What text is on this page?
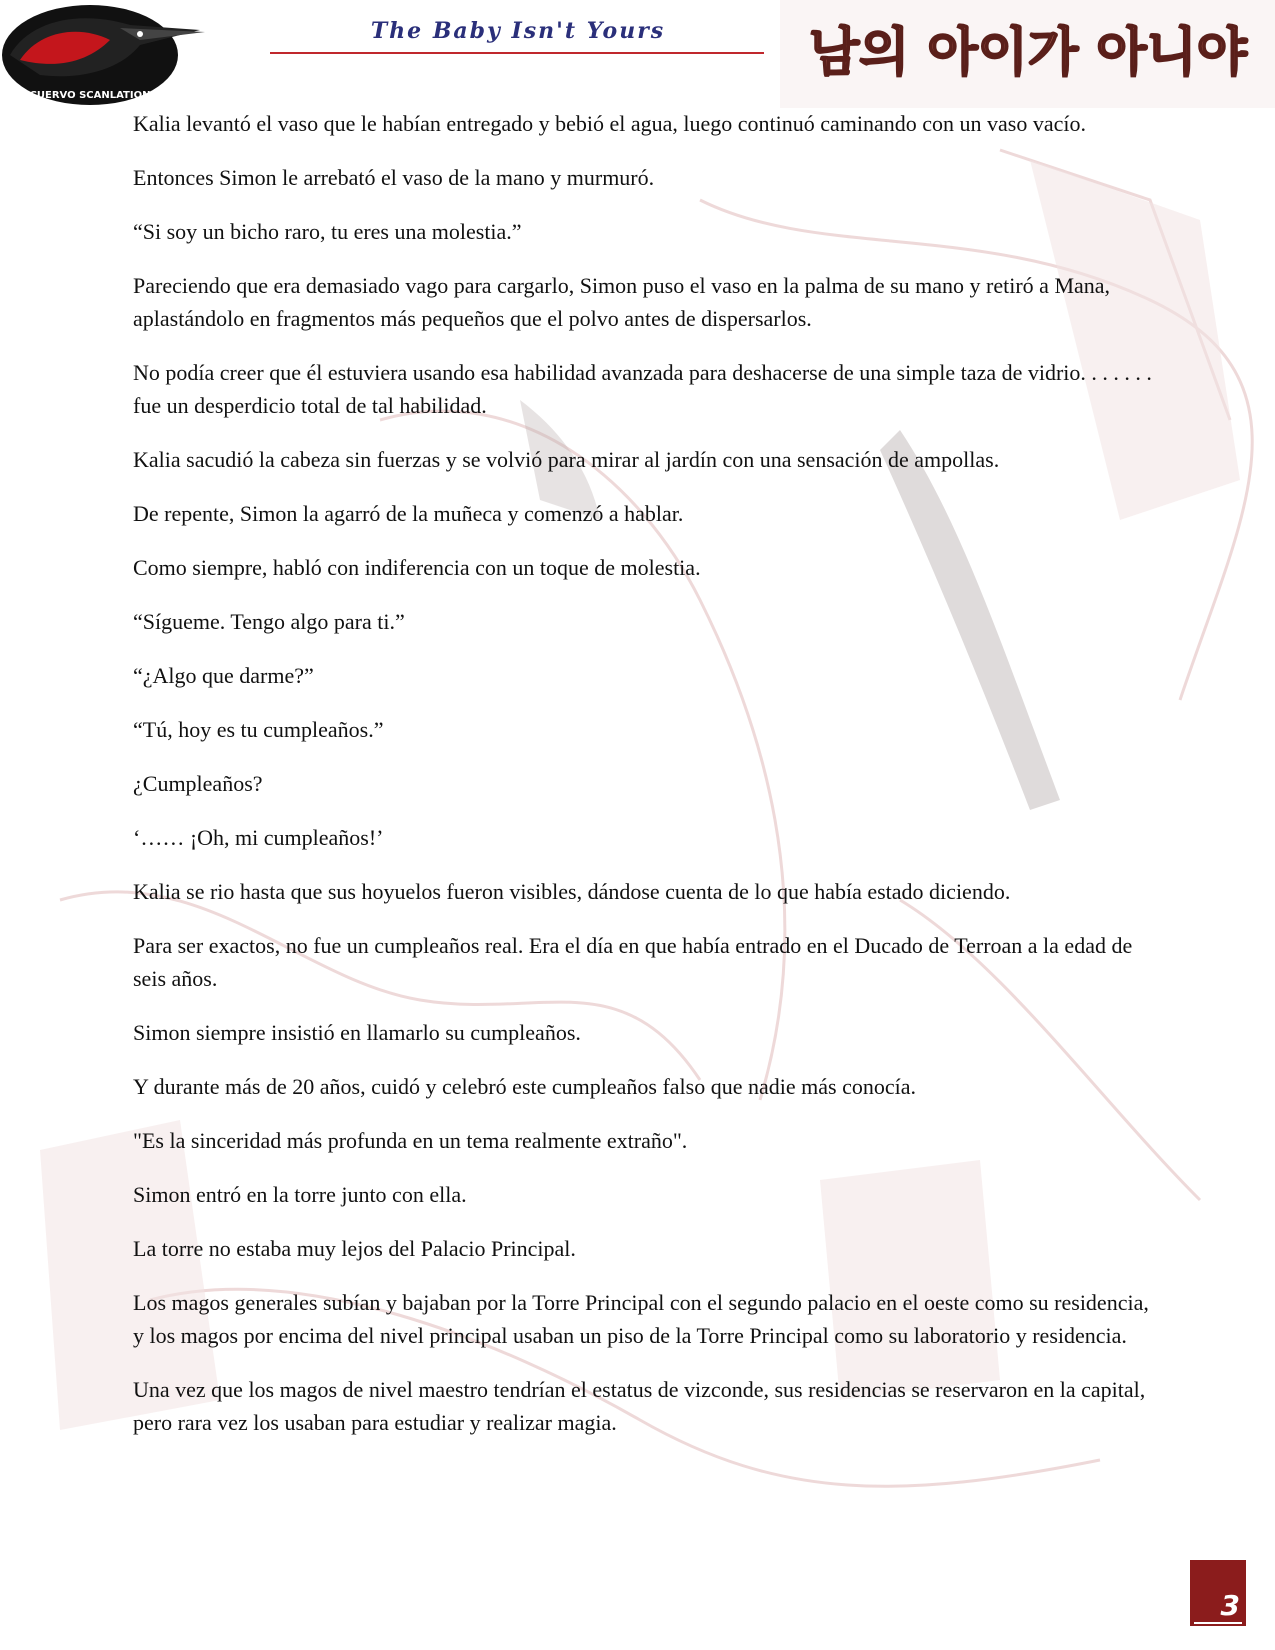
CUERVO SCANLATION
The Baby Isn't Yours	남의 아이가 아니야

Kalia levantó el vaso que le habían entregado y bebió el agua, luego continuó caminando con un vaso vacío.

Entonces Simon le arrebató el vaso de la mano y murmuró.

“Si soy un bicho raro, tu eres una molestia.”

Pareciendo que era demasiado vago para cargarlo, Simon puso el vaso en la palma de su mano y retiró a Mana, aplastándolo en fragmentos más pequeños que el polvo antes de dispersarlos.

No podía creer que él estuviera usando esa habilidad avanzada para deshacerse de una simple taza de vidrio. . . . . . . fue un desperdicio total de tal habilidad.

Kalia sacudió la cabeza sin fuerzas y se volvió para mirar al jardín con una sensación de ampollas.

De repente, Simon la agarró de la muñeca y comenzó a hablar.

Como siempre, habló con indiferencia con un toque de molestia.

“Sígueme. Tengo algo para ti.”

“¿Algo que darme?”

“Tú, hoy es tu cumpleaños.”

¿Cumpleaños?

‘…… ¡Oh, mi cumpleaños!’

Kalia se rio hasta que sus hoyuelos fueron visibles, dándose cuenta de lo que había estado diciendo.

Para ser exactos, no fue un cumpleaños real. Era el día en que había entrado en el Ducado de Terroan a la edad de seis años.

Simon siempre insistió en llamarlo su cumpleaños.

Y durante más de 20 años, cuidó y celebró este cumpleaños falso que nadie más conocía.

"Es la sinceridad más profunda en un tema realmente extraño".

Simon entró en la torre junto con ella.

La torre no estaba muy lejos del Palacio Principal.

Los magos generales subían y bajaban por la Torre Principal con el segundo palacio en el oeste como su residencia, y los magos por encima del nivel principal usaban un piso de la Torre Principal como su laboratorio y residencia.

Una vez que los magos de nivel maestro tendrían el estatus de vizconde, sus residencias se reservaron en la capital, pero rara vez los usaban para estudiar y realizar magia.

3
